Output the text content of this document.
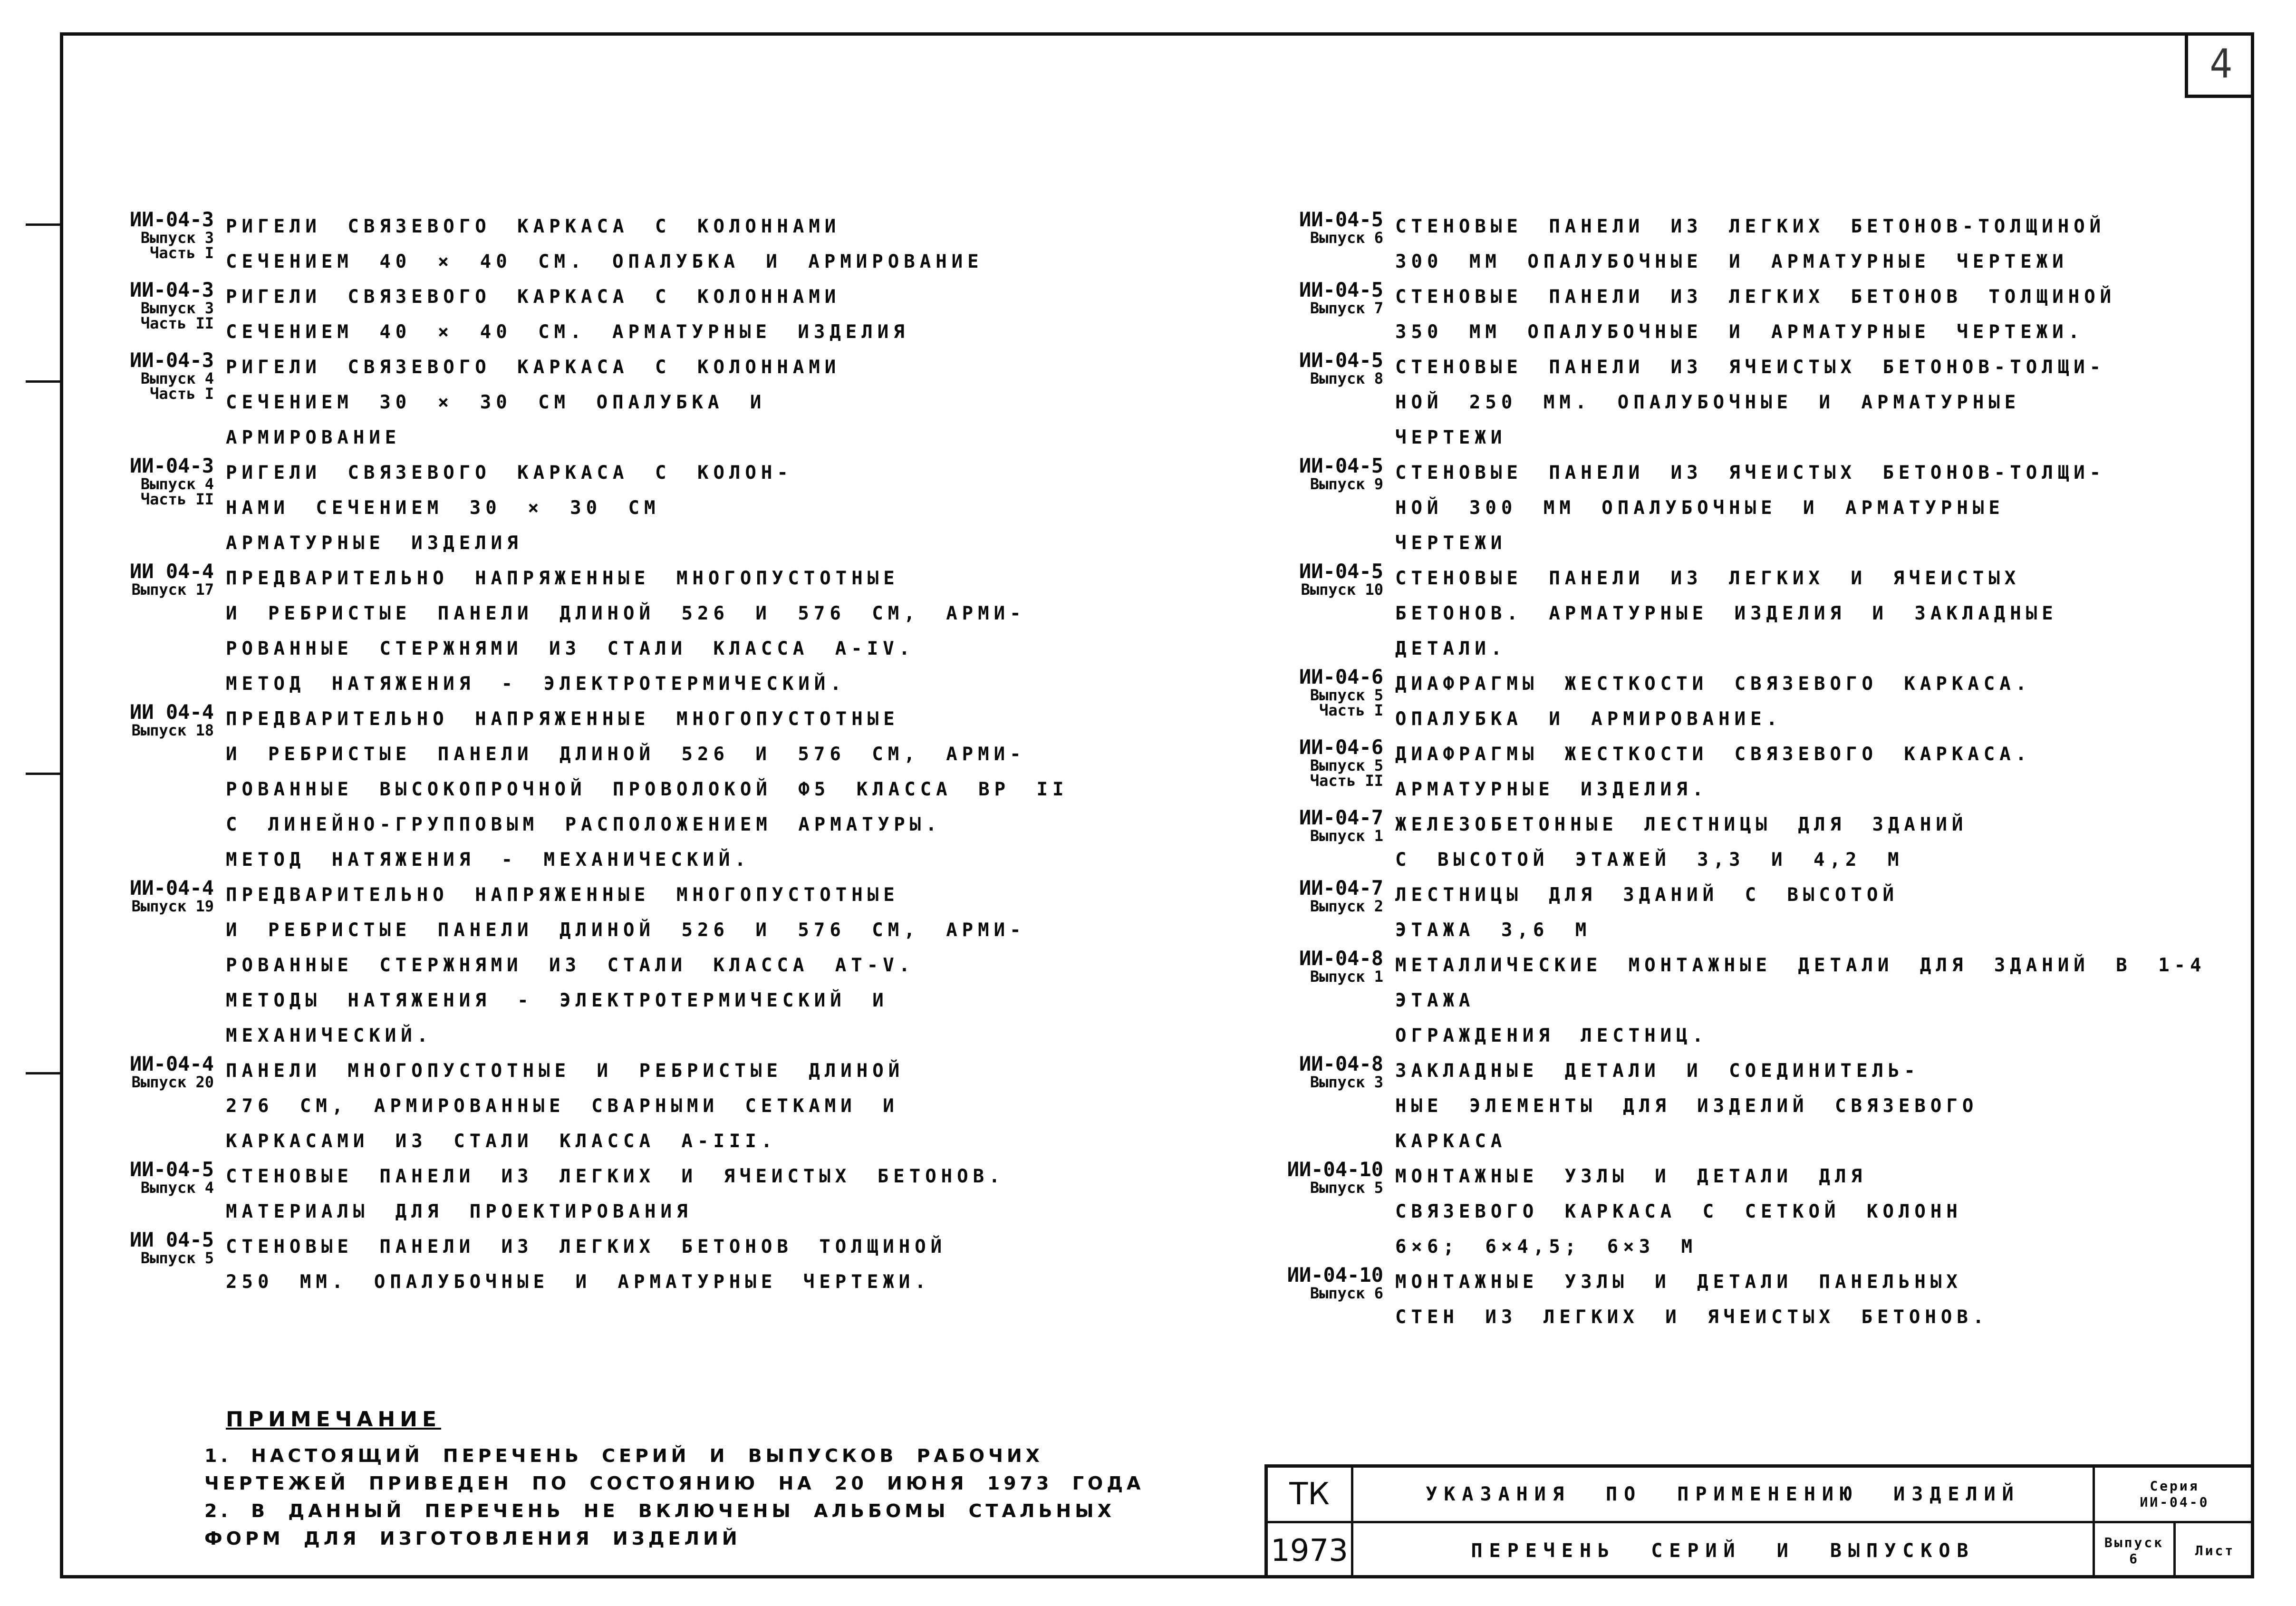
4
ИИ-04-3
Выпуск 3
Часть I
РИГЕЛИ СВЯЗЕВОГО КАРКАСА С КОЛОННАМИ
СЕЧЕНИЕМ 40 × 40 СМ. ОПАЛУБКА И АРМИРОВАНИЕ
ИИ-04-3
Выпуск 3
Часть II
РИГЕЛИ СВЯЗЕВОГО КАРКАСА С КОЛОННАМИ
СЕЧЕНИЕМ 40 × 40 СМ. АРМАТУРНЫЕ ИЗДЕЛИЯ
ИИ-04-3
Выпуск 4
Часть I
РИГЕЛИ СВЯЗЕВОГО КАРКАСА С КОЛОННАМИ
СЕЧЕНИЕМ 30 × 30 СМ ОПАЛУБКА И
АРМИРОВАНИЕ
ИИ-04-3
Выпуск 4
Часть II
РИГЕЛИ СВЯЗЕВОГО КАРКАСА С КОЛОН-
НАМИ СЕЧЕНИЕМ 30 × 30 СМ
АРМАТУРНЫЕ ИЗДЕЛИЯ
ИИ 04-4
Выпуск 17
ПРЕДВАРИТЕЛЬНО НАПРЯЖЕННЫЕ МНОГОПУСТОТНЫЕ
И РЕБРИСТЫЕ ПАНЕЛИ ДЛИНОЙ 526 И 576 СМ, АРМИ-
РОВАННЫЕ СТЕРЖНЯМИ ИЗ СТАЛИ КЛАССА А-IV.
МЕТОД НАТЯЖЕНИЯ - ЭЛЕКТРОТЕРМИЧЕСКИЙ.
ИИ 04-4
Выпуск 18
ПРЕДВАРИТЕЛЬНО НАПРЯЖЕННЫЕ МНОГОПУСТОТНЫЕ
И РЕБРИСТЫЕ ПАНЕЛИ ДЛИНОЙ 526 И 576 СМ, АРМИ-
РОВАННЫЕ ВЫСОКОПРОЧНОЙ ПРОВОЛОКОЙ Ф5 КЛАССА ВР II
С ЛИНЕЙНО-ГРУППОВЫМ РАСПОЛОЖЕНИЕМ АРМАТУРЫ.
МЕТОД НАТЯЖЕНИЯ - МЕХАНИЧЕСКИЙ.
ИИ-04-4
Выпуск 19
ПРЕДВАРИТЕЛЬНО НАПРЯЖЕННЫЕ МНОГОПУСТОТНЫЕ
И РЕБРИСТЫЕ ПАНЕЛИ ДЛИНОЙ 526 И 576 СМ, АРМИ-
РОВАННЫЕ СТЕРЖНЯМИ ИЗ СТАЛИ КЛАССА АТ-V.
МЕТОДЫ НАТЯЖЕНИЯ - ЭЛЕКТРОТЕРМИЧЕСКИЙ И
МЕХАНИЧЕСКИЙ.
ИИ-04-4
Выпуск 20
ПАНЕЛИ МНОГОПУСТОТНЫЕ И РЕБРИСТЫЕ ДЛИНОЙ
276 СМ, АРМИРОВАННЫЕ СВАРНЫМИ СЕТКАМИ И
КАРКАСАМИ ИЗ СТАЛИ КЛАССА А-III.
ИИ-04-5
Выпуск 4
СТЕНОВЫЕ ПАНЕЛИ ИЗ ЛЕГКИХ И ЯЧЕИСТЫХ БЕТОНОВ.
МАТЕРИАЛЫ ДЛЯ ПРОЕКТИРОВАНИЯ
ИИ 04-5
Выпуск 5
СТЕНОВЫЕ ПАНЕЛИ ИЗ ЛЕГКИХ БЕТОНОВ ТОЛЩИНОЙ
250 ММ. ОПАЛУБОЧНЫЕ И АРМАТУРНЫЕ ЧЕРТЕЖИ.
ИИ-04-5
Выпуск 6
СТЕНОВЫЕ ПАНЕЛИ ИЗ ЛЕГКИХ БЕТОНОВ-ТОЛЩИНОЙ
300 ММ ОПАЛУБОЧНЫЕ И АРМАТУРНЫЕ ЧЕРТЕЖИ
ИИ-04-5
Выпуск 7
СТЕНОВЫЕ ПАНЕЛИ ИЗ ЛЕГКИХ БЕТОНОВ ТОЛЩИНОЙ
350 ММ ОПАЛУБОЧНЫЕ И АРМАТУРНЫЕ ЧЕРТЕЖИ.
ИИ-04-5
Выпуск 8
СТЕНОВЫЕ ПАНЕЛИ ИЗ ЯЧЕИСТЫХ БЕТОНОВ-ТОЛЩИ-
НОЙ 250 ММ. ОПАЛУБОЧНЫЕ И АРМАТУРНЫЕ
ЧЕРТЕЖИ
ИИ-04-5
Выпуск 9
СТЕНОВЫЕ ПАНЕЛИ ИЗ ЯЧЕИСТЫХ БЕТОНОВ-ТОЛЩИ-
НОЙ 300 ММ ОПАЛУБОЧНЫЕ И АРМАТУРНЫЕ
ЧЕРТЕЖИ
ИИ-04-5
Выпуск 10
СТЕНОВЫЕ ПАНЕЛИ ИЗ ЛЕГКИХ И ЯЧЕИСТЫХ
БЕТОНОВ. АРМАТУРНЫЕ ИЗДЕЛИЯ И ЗАКЛАДНЫЕ
ДЕТАЛИ.
ИИ-04-6
Выпуск 5
Часть I
ДИАФРАГМЫ ЖЕСТКОСТИ СВЯЗЕВОГО КАРКАСА.
ОПАЛУБКА И АРМИРОВАНИЕ.
ИИ-04-6
Выпуск 5
Часть II
ДИАФРАГМЫ ЖЕСТКОСТИ СВЯЗЕВОГО КАРКАСА.
АРМАТУРНЫЕ ИЗДЕЛИЯ.
ИИ-04-7
Выпуск 1
ЖЕЛЕЗОБЕТОННЫЕ ЛЕСТНИЦЫ ДЛЯ ЗДАНИЙ
С ВЫСОТОЙ ЭТАЖЕЙ 3,3 И 4,2 М
ИИ-04-7
Выпуск 2
ЛЕСТНИЦЫ ДЛЯ ЗДАНИЙ С ВЫСОТОЙ
ЭТАЖА 3,6 М
ИИ-04-8
Выпуск 1
МЕТАЛЛИЧЕСКИЕ МОНТАЖНЫЕ ДЕТАЛИ ДЛЯ ЗДАНИЙ В 1-4 ЭТАЖА
ОГРАЖДЕНИЯ ЛЕСТНИЦ.
ИИ-04-8
Выпуск 3
ЗАКЛАДНЫЕ ДЕТАЛИ И СОЕДИНИТЕЛЬ-
НЫЕ ЭЛЕМЕНТЫ ДЛЯ ИЗДЕЛИЙ СВЯЗЕВОГО
КАРКАСА
ИИ-04-10
Выпуск 5
МОНТАЖНЫЕ УЗЛЫ И ДЕТАЛИ ДЛЯ
СВЯЗЕВОГО КАРКАСА С СЕТКОЙ КОЛОНН
6×6; 6×4,5; 6×3 М
ИИ-04-10
Выпуск 6
МОНТАЖНЫЕ УЗЛЫ И ДЕТАЛИ ПАНЕЛЬНЫХ
СТЕН ИЗ ЛЕГКИХ И ЯЧЕИСТЫХ БЕТОНОВ.
ПРИМЕЧАНИЕ
1. НАСТОЯЩИЙ ПЕРЕЧЕНЬ СЕРИЙ И ВЫПУСКОВ РАБОЧИХ ЧЕРТЕЖЕЙ ПРИВЕДЕН ПО СОСТОЯНИЮ НА 20 ИЮНЯ 1973 ГОДА
2. В ДАННЫЙ ПЕРЕЧЕНЬ НЕ ВКЛЮЧЕНЫ АЛЬБОМЫ СТАЛЬНЫХ ФОРМ ДЛЯ ИЗГОТОВЛЕНИЯ ИЗДЕЛИЙ
ТК	УКАЗАНИЯ ПО ПРИМЕНЕНИЮ ИЗДЕЛИЙ	Серия
ИИ-04-0
1973	ПЕРЕЧЕНЬ СЕРИЙ И ВЫПУСКОВ	Выпуск
6
Лист
